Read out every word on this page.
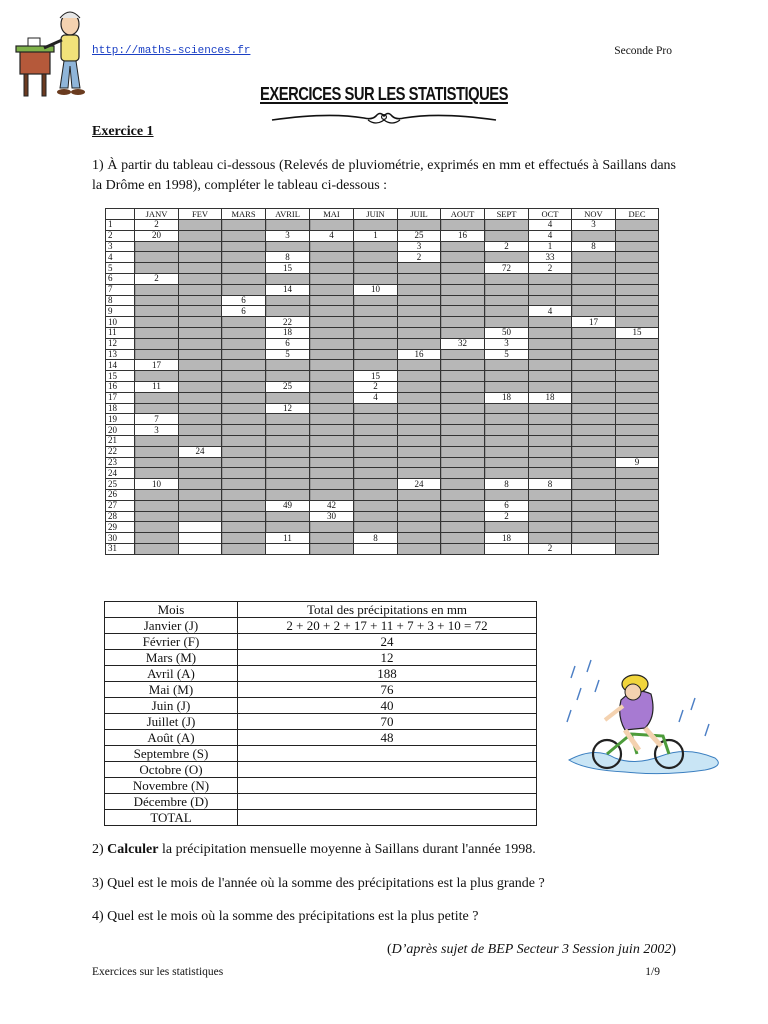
http://maths-sciences.fr	Seconde Pro
EXERCICES SUR LES STATISTIQUES
Exercice 1
1) À partir du tableau ci-dessous (Relevés de pluviométrie, exprimés en mm et effectués à Saillans dans la Drôme en 1998), compléter le tableau ci-dessous :
	JANV	FEV	MARS	AVRIL	MAI	JUIN	JUIL	AOUT	SEPT	OCT	NOV	DEC
1	2									4	3	
2	20			3	4	1	25	16		4		
3							3		2	1	8	
4				8			2			33		
5				15					72	2		
6	2											
7				14		10						
8			6									
9			6							4		
10				22							17	
11				18					50			15
12				6				32	3			
13				5			16		5			
14	17											
15						15						
16	11			25		2						
17						4			18	18		
18				12								
19	7											
20	3											
21												
22		24										
23												9
24												
25	10						24		8	8		
26												
27				49	42				6			
28					30				2			
29												
30				11		8			18			
31										2		
Mois	Total des précipitations en mm
Janvier (J)	2 + 20 + 2 + 17 + 11 + 7 + 3 + 10 = 72
Février (F)	24
Mars (M)	12
Avril (A)	188
Mai (M)	76
Juin (J)	40
Juillet (J)	70
Août (A)	48
Septembre (S)	
Octobre (O)	
Novembre (N)	
Décembre (D)	
TOTAL	
2) Calculer la précipitation mensuelle moyenne à Saillans durant l'année 1998.
3) Quel est le mois de l'année où la somme des précipitations est la plus grande ?
4) Quel est le mois où la somme des précipitations est la plus petite ?
(D’après sujet de BEP Secteur 3 Session juin 2002)
Exercices sur les statistiques	1/9
